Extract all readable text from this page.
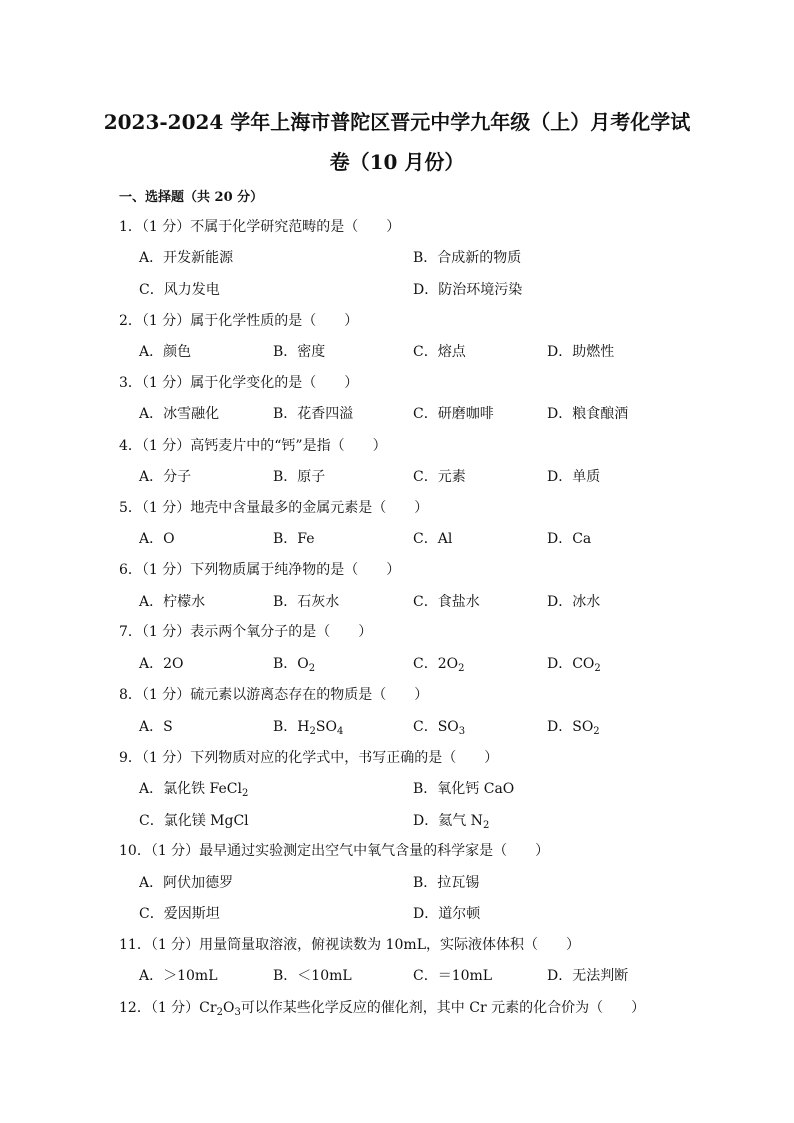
2023-2024 学年上海市普陀区晋元中学九年级（上）月考化学试
卷（10 月份）
一、选择题（共 20 分）
1．（1 分）不属于化学研究范畴的是（　　）
A．开发新能源	B．合成新的物质
C．风力发电	D．防治环境污染
2．（1 分）属于化学性质的是（　　）
A．颜色	B．密度	C．熔点	D．助燃性
3．（1 分）属于化学变化的是（　　）
A．冰雪融化	B．花香四溢	C．研磨咖啡	D．粮食酿酒
4．（1 分）高钙麦片中的“钙”是指（　　）
A．分子	B．原子	C．元素	D．单质
5．（1 分）地壳中含量最多的金属元素是（　　）
A．O	B．Fe	C．Al	D．Ca
6．（1 分）下列物质属于纯净物的是（　　）
A．柠檬水	B．石灰水	C．食盐水	D．冰水
7．（1 分）表示两个氧分子的是（　　）
A．2O	B．$O_2$	C．$2O_2$	D．$CO_2$
8．（1 分）硫元素以游离态存在的物质是（　　）
A．S	B．$H_2SO_4$	C．$SO_3$	D．$SO_2$
9．（1 分）下列物质对应的化学式中，书写正确的是（　　）
A．氯化铁 FeCl$_2$	B．氧化钙 CaO
C．氯化镁 MgCl	D．氦气 $N_2$
10．（1 分）最早通过实验测定出空气中氧气含量的科学家是（　　）
A．阿伏加德罗	B．拉瓦锡
C．爱因斯坦	D．道尔顿
11．（1 分）用量筒量取溶液，俯视读数为 10mL，实际液体体积（　　）
A．＞10mL	B．＜10mL	C．＝10mL	D．无法判断
12．（1 分）$Cr_2O_3$可以作某些化学反应的催化剂，其中 Cr 元素的化合价为（　　）
